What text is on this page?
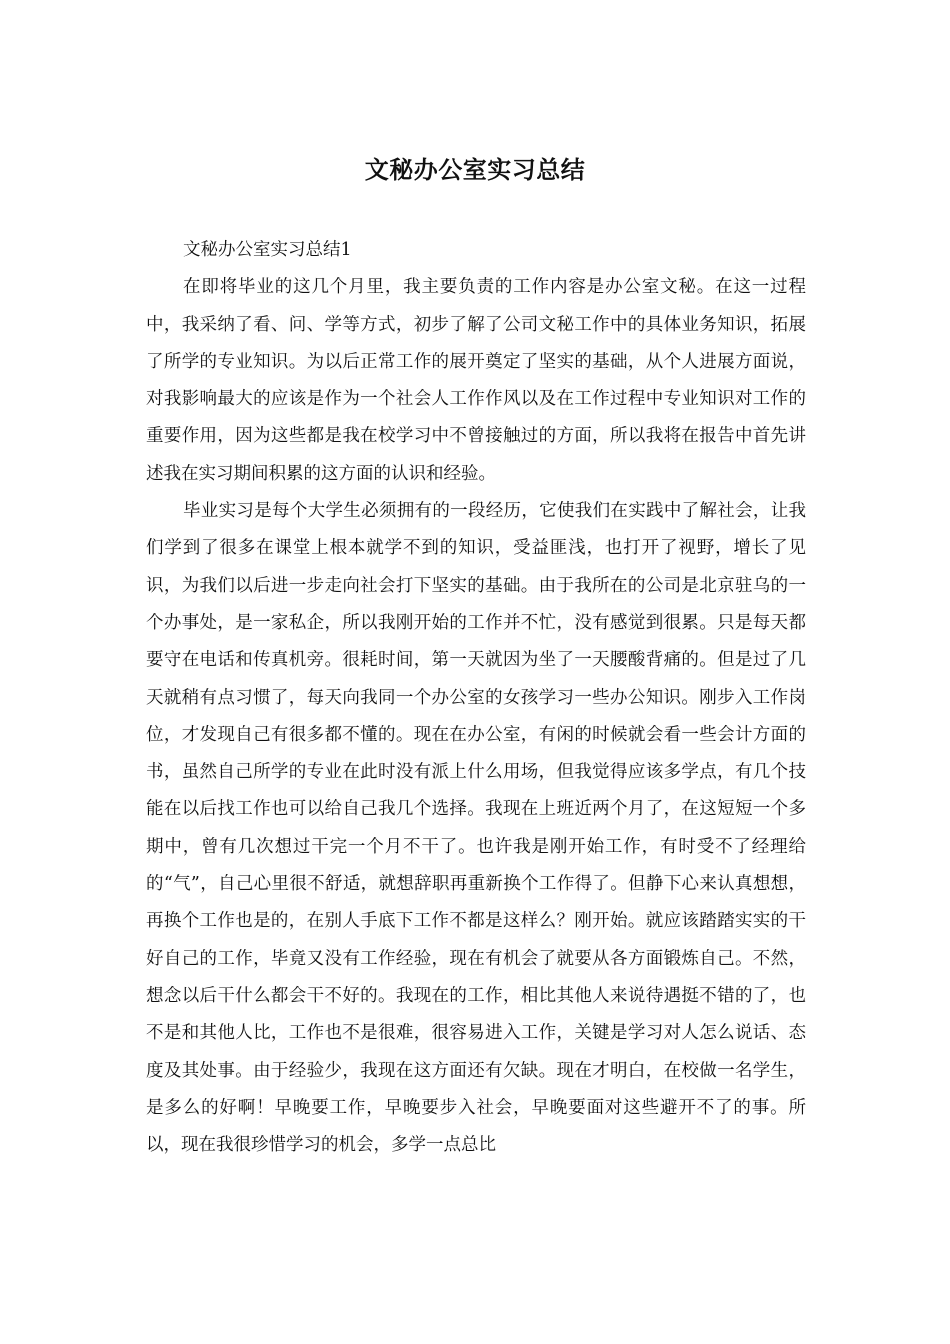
文秘办公室实习总结
文秘办公室实习总结1

在即将毕业的这几个月里，我主要负责的工作内容是办公室文秘。在这一过程中，我采纳了看、问、学等方式，初步了解了公司文秘工作中的具体业务知识，拓展了所学的专业知识。为以后正常工作的展开奠定了坚实的基础，从个人进展方面说，对我影响最大的应该是作为一个社会人工作作风以及在工作过程中专业知识对工作的重要作用，因为这些都是我在校学习中不曾接触过的方面，所以我将在报告中首先讲述我在实习期间积累的这方面的认识和经验。

毕业实习是每个大学生必须拥有的一段经历，它使我们在实践中了解社会，让我们学到了很多在课堂上根本就学不到的知识，受益匪浅，也打开了视野，增长了见识，为我们以后进一步走向社会打下坚实的基础。由于我所在的公司是北京驻乌的一个办事处，是一家私企，所以我刚开始的工作并不忙，没有感觉到很累。只是每天都要守在电话和传真机旁。很耗时间，第一天就因为坐了一天腰酸背痛的。但是过了几天就稍有点习惯了，每天向我同一个办公室的女孩学习一些办公知识。刚步入工作岗位，才发现自己有很多都不懂的。现在在办公室，有闲的时候就会看一些会计方面的书，虽然自己所学的专业在此时没有派上什么用场，但我觉得应该多学点，有几个技能在以后找工作也可以给自己我几个选择。我现在上班近两个月了，在这短短一个多期中，曾有几次想过干完一个月不干了。也许我是刚开始工作，有时受不了经理给的“气”，自己心里很不舒适，就想辞职再重新换个工作得了。但静下心来认真想想，再换个工作也是的，在别人手底下工作不都是这样么？刚开始。就应该踏踏实实的干好自己的工作，毕竟又没有工作经验，现在有机会了就要从各方面锻炼自己。不然，想念以后干什么都会干不好的。我现在的工作，相比其他人来说待遇挺不错的了，也不是和其他人比，工作也不是很难，很容易进入工作，关键是学习对人怎么说话、态度及其处事。由于经验少，我现在这方面还有欠缺。现在才明白，在校做一名学生，是多么的好啊！早晚要工作，早晚要步入社会，早晚要面对这些避开不了的事。所以，现在我很珍惜学习的机会，多学一点总比
